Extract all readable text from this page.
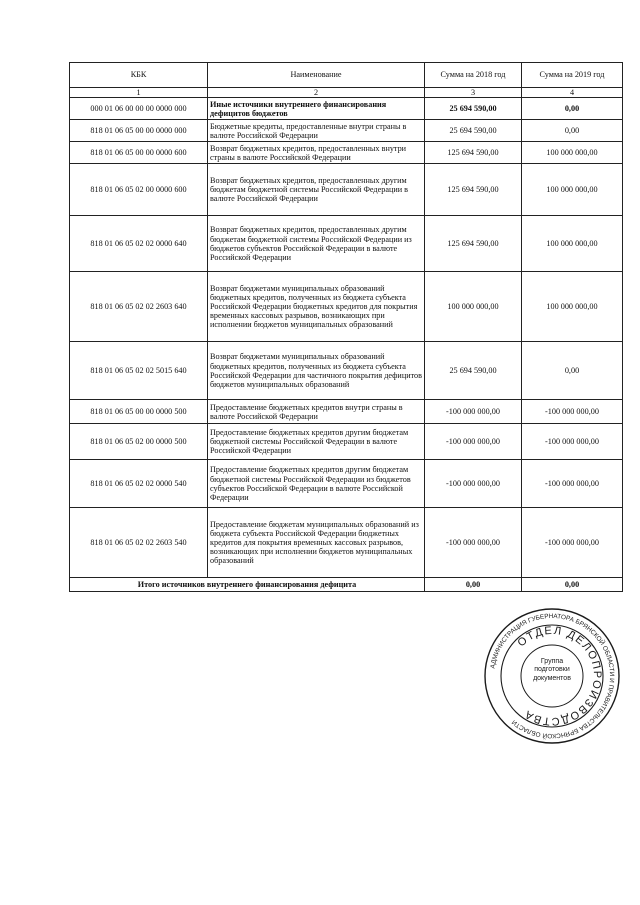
КБК	Наименование	Сумма на 2018 год	Сумма на 2019 год
1	2	3	4
000 01 06 00 00 00 0000 000	Иные источники внутреннего финансирования дефицитов бюджетов	25 694 590,00	0,00
818 01 06 05 00 00 0000 000	Бюджетные кредиты, предоставленные внутри страны в валюте Российской Федерации	25 694 590,00	0,00
818 01 06 05 00 00 0000 600	Возврат бюджетных кредитов, предоставленных внутри страны в валюте Российской Федерации	125 694 590,00	100 000 000,00
818 01 06 05 02 00 0000 600	Возврат бюджетных кредитов, предоставленных другим бюджетам бюджетной системы Российской Федерации в валюте Российской Федерации	125 694 590,00	100 000 000,00
818 01 06 05 02 02 0000 640	Возврат бюджетных кредитов, предоставленных другим бюджетам бюджетной системы Российской Федерации из бюджетов субъектов Российской Федерации в валюте Российской Федерации	125 694 590,00	100 000 000,00
818 01 06 05 02 02 2603 640	Возврат бюджетами муниципальных образований бюджетных кредитов, полученных из бюджета субъекта Российской Федерации бюджетных кредитов для покрытия временных кассовых разрывов, возникающих при исполнении бюджетов муниципальных образований	100 000 000,00	100 000 000,00
818 01 06 05 02 02 5015 640	Возврат бюджетами муниципальных образований бюджетных кредитов, полученных из бюджета субъекта Российской Федерации для частичного покрытия дефицитов бюджетов муниципальных образований	25 694 590,00	0,00
818 01 06 05 00 00 0000 500	Предоставление бюджетных кредитов внутри страны в валюте Российской Федерации	-100 000 000,00	-100 000 000,00
818 01 06 05 02 00 0000 500	Предоставление бюджетных кредитов другим бюджетам бюджетной системы Российской Федерации в валюте Российской Федерации	-100 000 000,00	-100 000 000,00
818 01 06 05 02 02 0000 540	Предоставление бюджетных кредитов другим бюджетам бюджетной системы Российской Федерации из бюджетов субъектов Российской Федерации в валюте Российской Федерации	-100 000 000,00	-100 000 000,00
818 01 06 05 02 02 2603 540	Предоставление бюджетам муниципальных образований из бюджета субъекта Российской Федерации бюджетных кредитов для покрытия временных кассовых разрывов, возникающих при исполнении бюджетов муниципальных образований	-100 000 000,00	-100 000 000,00
Итого источников внутреннего финансирования дефицита		0,00	0,00
АДМИНИСТРАЦИЯ ГУБЕРНАТОРА БРЯНСКОЙ ОБЛАСТИ И ПРАВИТЕЛЬСТВА БРЯНСКОЙ ОБЛАСТИ
ОТДЕЛ ДЕЛОПРОИЗВОДСТВА
Группа подготовки документов
